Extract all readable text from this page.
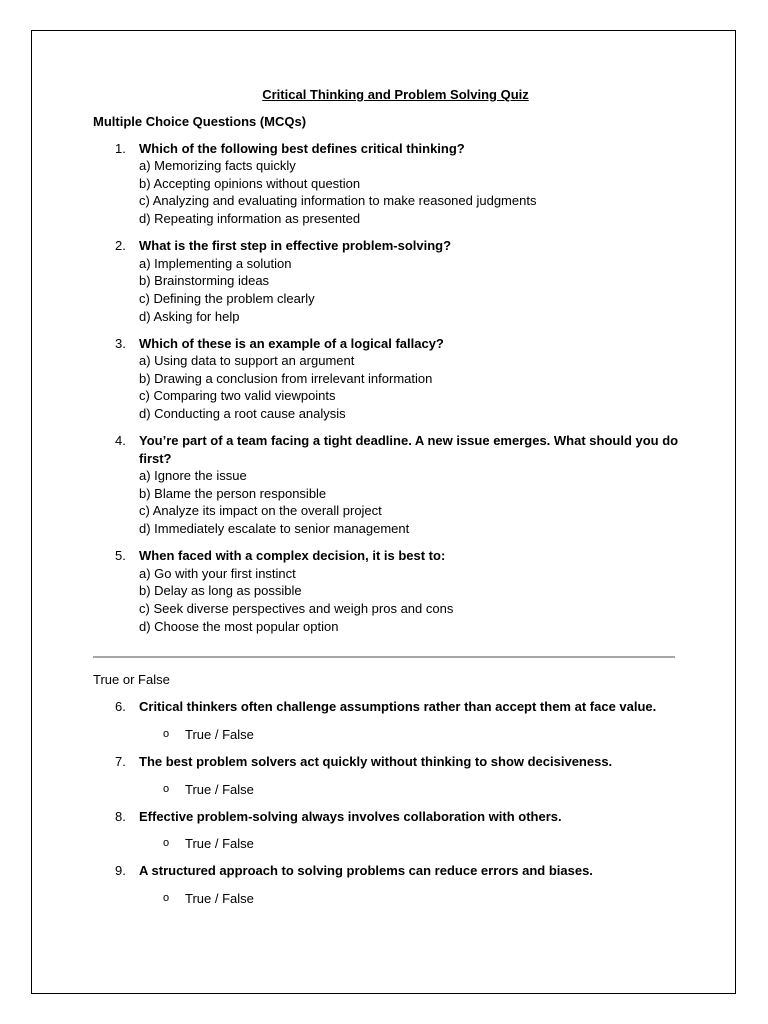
Critical Thinking and Problem Solving Quiz

Multiple Choice Questions (MCQs)

1. Which of the following best defines critical thinking?
a) Memorizing facts quickly
b) Accepting opinions without question
c) Analyzing and evaluating information to make reasoned judgments
d) Repeating information as presented
2. What is the first step in effective problem-solving?
a) Implementing a solution
b) Brainstorming ideas
c) Defining the problem clearly
d) Asking for help
3. Which of these is an example of a logical fallacy?
a) Using data to support an argument
b) Drawing a conclusion from irrelevant information
c) Comparing two valid viewpoints
d) Conducting a root cause analysis
4. You’re part of a team facing a tight deadline. A new issue emerges. What should you do first?
a) Ignore the issue
b) Blame the person responsible
c) Analyze its impact on the overall project
d) Immediately escalate to senior management
5. When faced with a complex decision, it is best to:
a) Go with your first instinct
b) Delay as long as possible
c) Seek diverse perspectives and weigh pros and cons
d) Choose the most popular option

True or False

6. Critical thinkers often challenge assumptions rather than accept them at face value.
o True / False
7. The best problem solvers act quickly without thinking to show decisiveness.
o True / False
8. Effective problem-solving always involves collaboration with others.
o True / False
9. A structured approach to solving problems can reduce errors and biases.
o True / False
